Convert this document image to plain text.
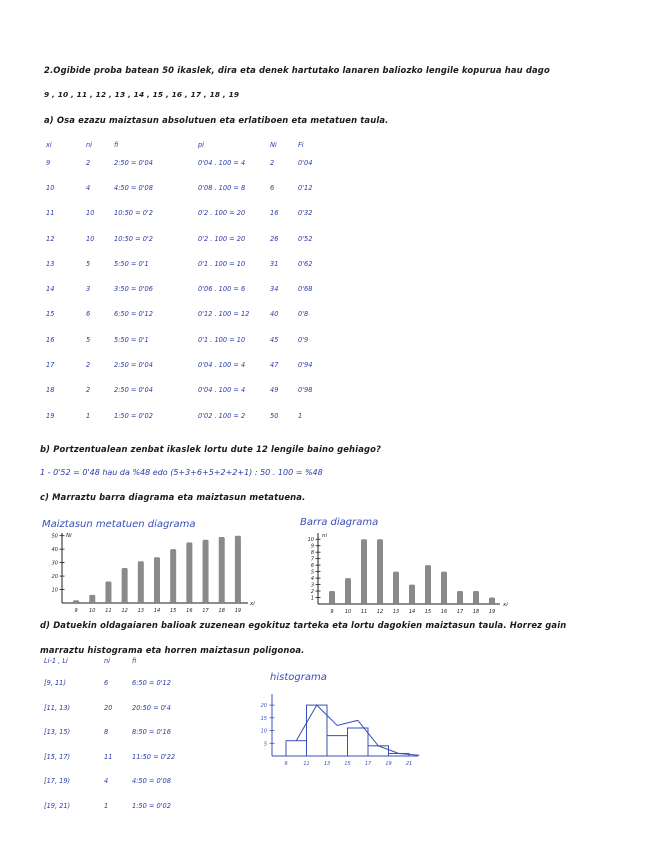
2.Ogibide proba batean 50 ikaslek, dira eta denek hartutako lanaren baliozko lengile kopurua hau dago
9 , 10 , 11 , 12 , 13 , 14 , 15 , 16 , 17 , 18 , 19
a) Osa ezazu maiztasun absolutuen eta erlatiboen eta metatuen taula.
xi	ni	fi	pi	Ni	Fi
9	2	2:50 = 0'04	0'04 . 100 = 4	2	0'04
10	4	4:50 = 0'08	0'08 . 100 = 8	6	0'12
11	10	10:50 = 0'2	0'2 . 100 = 20	16	0'32
12	10	10:50 = 0'2	0'2 . 100 = 20	26	0'52
13	5	5:50 = 0'1	0'1 . 100 = 10	31	0'62
14	3	3:50 = 0'06	0'06 . 100 = 6	34	0'68
15	6	6:50 = 0'12	0'12 . 100 = 12	40	0'8
16	5	5:50 = 0'1	0'1 . 100 = 10	45	0'9
17	2	2:50 = 0'04	0'04 . 100 = 4	47	0'94
18	2	2:50 = 0'04	0'04 . 100 = 4	49	0'98
19	1	1:50 = 0'02	0'02 . 100 = 2	50	1
b) Portzentualean zenbat ikaslek lortu dute 12 lengile baino gehiago?
1 - 0'52 = 0'48 hau da %48 edo (5+3+6+5+2+2+1) : 50 . 100 = %48
c) Marraztu barra diagrama eta maiztasun metatuena.
Maiztasun metatuen diagrama
Ni
xi
9 10 11 12 13 14 15 16 17 18 19
10
20
30
40
50
Barra diagrama
ni
xi
9 10 11 12 13 14 15 16 17 18 19
1
2
3
4
5
6
7
8
9
10
d) Datuekin oldagaiaren balioak zuzenean egokituz tarteka eta lortu dagokien maiztasun taula. Horrez gain
marraztu histograma eta horren maiztasun poligonoa.
Li-1 , Li	ni	fi
[9, 11)	6	6:50 = 0'12
[11, 13)	20	20:50 = 0'4
[13, 15)	8	8:50 = 0'16
[15, 17)	11	11:50 = 0'22
[17, 19)	4	4:50 = 0'08
[19, 21)	1	1:50 = 0'02
histograma
9	11	13	15	17	19	21
5
10
15
20
